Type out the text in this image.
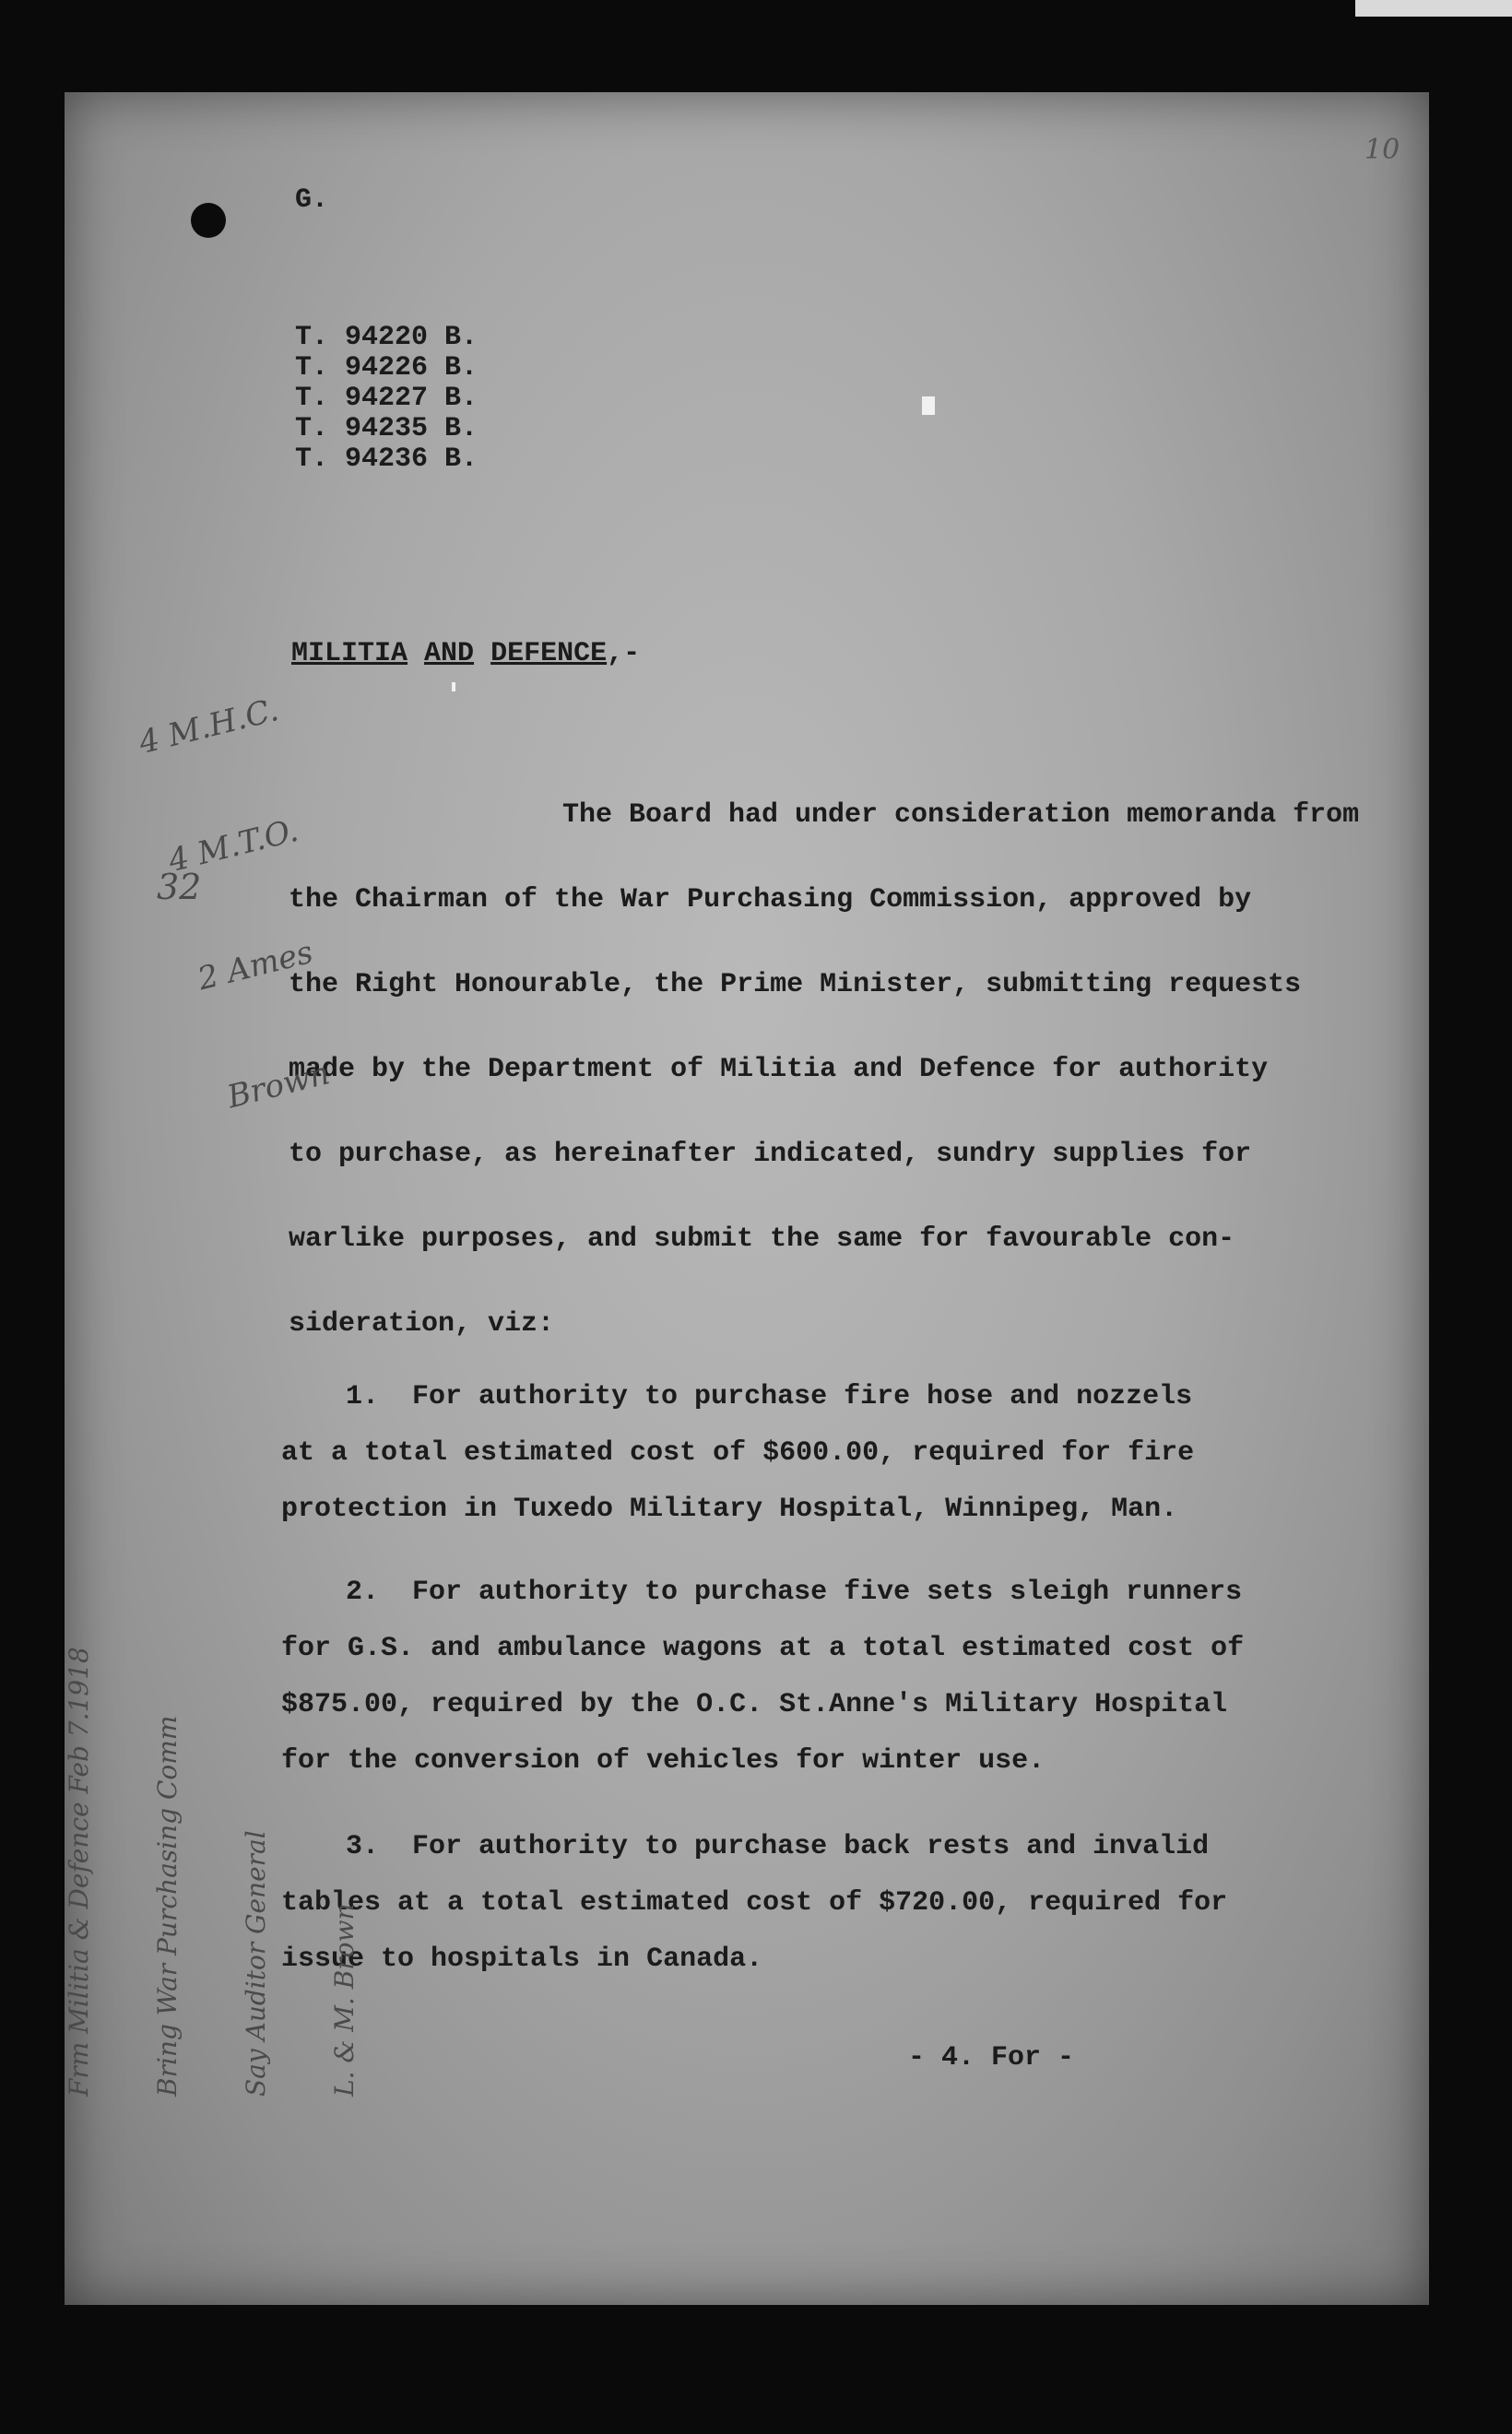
10
G.
T. 94220 B.
T. 94226 B.
T. 94227 B.
T. 94235 B.
T. 94236 B.
MILITIA AND DEFENCE,-
The Board had under consideration memoranda from
the Chairman of the War Purchasing Commission, approved by
the Right Honourable, the Prime Minister, submitting requests
made by the Department of Militia and Defence for authority
to purchase, as hereinafter indicated, sundry supplies for
warlike purposes, and submit the same for favourable con-
sideration, viz:
1.  For authority to purchase fire hose and nozzels
at a total estimated cost of $600.00, required for fire
protection in Tuxedo Military Hospital, Winnipeg, Man.
2.  For authority to purchase five sets sleigh runners
for G.S. and ambulance wagons at a total estimated cost of
$875.00, required by the O.C. St.Anne's Military Hospital
for the conversion of vehicles for winter use.
3.  For authority to purchase back rests and invalid
tables at a total estimated cost of $720.00, required for
issue to hospitals in Canada.
- 4. For -

4 M.H.C.

4 M.T.O.

2 Ames

Brown

32

Frm Militia & Defence Feb 7.1918

Bring War Purchasing Comm

Say Auditor General

L. & M. Brown
